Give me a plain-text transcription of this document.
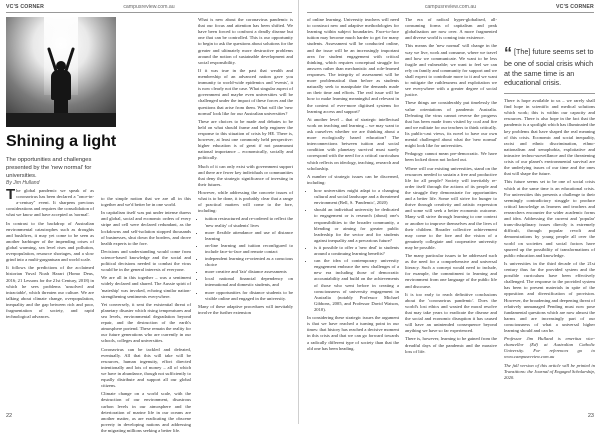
VC'S CORNER	campusreview.com.au
Shining a light
The opportunities and challenges presented by the 'new normal' for universities.
By Jim Hulland

The global pandemic we speak of as coronavirus has been declared a "once-in-a-century" event. It sharpens precious considerations and requires the consolidation of what we know and have accepted as 'normal'.

In contrast to the backdrop of Australian environmental catastrophes such as droughts and bushfires, it may yet come to be seen as another harbinger of the impending crises of global warming, sea level rises and pollution, overpopulation, resource shortages, and a slow grind into a multi-gargantuan and world scale.

It follows the predictions of the acclaimed historian Yuval Noah Harari (Homo Deus, 2016; 21 Lessons for the 21st Century, 2018) in which he sees problems 'unsolved and intractable', which threaten our culture. We are talking about climate change, overpopulation, inequality and the gap between rich and poor, fragmentation of society, and rapid technological advances.

to the simple notion that we are all in this together and we'd better be in one world.

In capitalism itself was put under intense duress and global, social and economic orders of every stripe and cell were declared redundant, as the lockdowns and self-isolation stopped thousands of businesses, shut down the borders, and drove health experts to the fore.

Decisions and understanding would come from science-based knowledge and the social and political decisions needed to combat the virus would be in the general interests of everyone.

We are all in this together – was a sentiment widely declared and shared. The Aussie spirit of 'mateship' was invoked, echoing similar nation-strengthening sentiments everywhere.

Yet conversely, it sent the existential threat of planetary disaster which rising temperatures and sea levels, environmental degradation beyond repair, and the destruction of the earth's atmosphere portend. These remain the reality for our future generations who are currently in our schools, colleges and universities.

Coronavirus can be tackled and defeated, eventually. All that this will take will be resources, human ingenuity, effort directed intentionally and lots of money – all of which we have in abundance, though not sufficiently to equally distribute and support all our global citizens.

Climate change on a world scale, with the destruction of our environment, disastrous carbon levels in our atmosphere and the deterioration of marine life in our oceans are another matter, as are eradicating the obscene poverty in developing nations and addressing the migrating millions seeking a better life.

What is new about the coronavirus pandemic is that our focus and attention has been shifted. We have been forced to confront a deadly disease but one that can be controlled. This is our opportunity to begin to ask the questions about solutions for the greater and ultimately more destructive problems around the notion of sustainable development and social responsibility.

If it was true in the past that wealth and membership of an advanced nation gave you immunity to world-wide epidemics and 'events', it is now clearly not the case. What singular aspect of government and maybe even universities will be challenged under the impact of these forces and the questions that arise from them. What will the 'new normal' look like for our Australian universities?

These are choices to be made and debates to be held on what should frame and help engineer the response to this situation of crisis by HE. There is, however, at least one commonly held perspective: higher education is of great if not paramount national importance – economically, socially and politically.

Much of it can only exist with government support and there are fewer key individuals or communities that deny the strategic significance of investing in their futures.

However, while addressing the concrete issues of what is to be done, it is probably clear that a range of practical matters will come to the fore, including:

• tuition restructured and re-ordered to reflect the 'new reality' of students' lives
• more flexible attendance and use of distance learning
• on-line learning and tuition reconfigured to include face-to-face and remote contact
• independent learning re-oriented as a conscious choice
• more creative and 'fair' distance assessments
• local national financial dependency on international and domestic students, and
• more opportunities for distance students to be visible online and engaged in the university.

Many of these adaptive procedures will inevitably involve the further extension

22
campusreview.com.au	VC'S CORNER

of online learning. University teachers will need to construct new and adaptive methodologies for learning within subject boundaries. Face-to-face tuition may become much harder to get for many students. Assessment will be conducted online, and the issue will be an increasingly important area for student engagement with critical thinking, which requires conceptual struggle for answers rather than mechanistic and role-learned responses. The integrity of assessment will be more problematical than before as students naturally seek to manipulate the demands made on their time and efforts. The real issue will be how to make learning meaningful and relevant in the context of ever-more digitised systems for learning access and support?

At another level – that of strategic intellectual work on teaching and learning – we may want to ask ourselves whether we are thinking about a more ecologically based education? The interconnections between tuition and social condition with planetary survival must surely correspond with the need for a critical curriculum which reflects on ideology, teaching, research and scholarship.

A number of strategic issues can be discerned, including:

• how universities might adapt to a changing cultural and social landscape and a threatened environment (Bell, S. 'Pandemic', 2020)
• should an individual university be dedicated to engagement or is research (about) one's responsibilities to the broader community, a blending or aiming for greater public leadership for the sector and for students against inequality and a precarious future?
• is it possible to offer a 'new deal' to students around a continuing learning benefits?
• can the idea of contemporary university engagement embrace the new challenges of a new era including those of democratic accountability and build on the achievements of those who went before in creating a consciousness of university engagement in Australia (notably Professor Michael Gibbons, 2005, and Professor David Watson, 2010).

In considering these strategic issues the argument is that we have reached a turning point in our times: that history has reached a decisive moment in this crisis and that we can go forward towards a radically different type of society than that the old one has been heading.

The era of radical hyper-globalised, all-consuming forms of capitalism and peak globalisation are now over. A more fragmented and diverse world is coming into existence.

This means the 'new normal' will change in the way we live, work and consume, where we travel and how we communicate. We want to be less fragile and vulnerable; we want to feel we can rely on family and community for support and we shall expect to contribute more to it and we want to mitigate the ruthlessness and exploitation we see everywhere with a greater degree of social justice.

These things are considerably put timelessly the value orientations of pandemic Australia. Defeating the virus cannot reverse the progress that has been made from visited by coal and fire and we militate for our teachers to think critically. Its public-cast views, its novel to have our own mental challenged about what the 'new normal' might look like for universities.

Pedagogy cannot mean pre-democratic. We have been locked down not locked out.

Where will our existing universities, stand on the resources needed to sustain a free and productive life for all people? Society will inevitably re-order itself through the actions of its people and the struggle they demonstrate for opportunities and a better life. Some will strive for hunger to thrive through creativity and artistic expression and some will seek a better economic outcome. Many will strive through learning to one context or another to improve themselves and the lives of their children. Broader collective achievement may come to the fore and the vision of a genuinely collegiate and cooperative university may be possible.

The many particular issues to be addressed such as the need for a comprehensive and universal literacy. Such a concept would need to include, for example, the commitment to learning and environment from one language of the public life and discourse.

It is too early to reach definitive conclusions about the 'coronavirus pandemic'. Does the world's lost ethics and wasted the moral resolve that may take years to eradicate the disease and the social and economic disruption it has caused will have an unintended consequence beyond anything we have so far experienced.

There is, however, learning to be gained from the dreadful days of the pandemic and the massive loss of life.

“ [The] future seems set to be one of social crisis which at the same time is an educational crisis.

There is hope available to us – we rarely shall find hope in scientific and medical solutions which work; this is within our capacity and resources. There is also hope in the fact that the pandemic is a spotlight which has illuminated the key problems that have shaped the real meaning of this crisis. Economic and social inequality, racist and ethnic discrimination, ethno-nationalism and xenophobia, exploitative and intrusive techno-surveillance and the threatening crisis of our planet's environmental survival are the underlying issues of our time and the ones that will shape the future.

This future seems set to be one of social crisis which at the same time is an educational crisis. For universities this presents a challenge to their seemingly contradictory struggle to produce critical knowledge as learners and teachers and researchers encounter the wider academic forms and idea. Addressing the current and 'popular' trans-disciplinary issues directly is extremely difficult, through popular revolt and demonstrations by young people all over the world on societies and social factors have spurred up the possibility of transformations of public education and knowledge.

Is universities in the third decade of the 21st century thus far the provided system and the possible curriculum have been effectively challenged. The response to the provided system has been to present materials in spite of the opposition and diversification of provision. However, the broadening and deepening threat of relatively unmanaged Pending must now pose fundamental questions which are now almost the harms and are increasingly part of our consciousness of what a universal higher learning should and can be.

Professor Jim Hulland is emeritus vice-chancellor (Ed) at Australian Catholic University. For references go to www.campusreview.com.au

The full version of this article will be printed in Transitions: the Journal of Engaged Scholarship, 2020.

23
